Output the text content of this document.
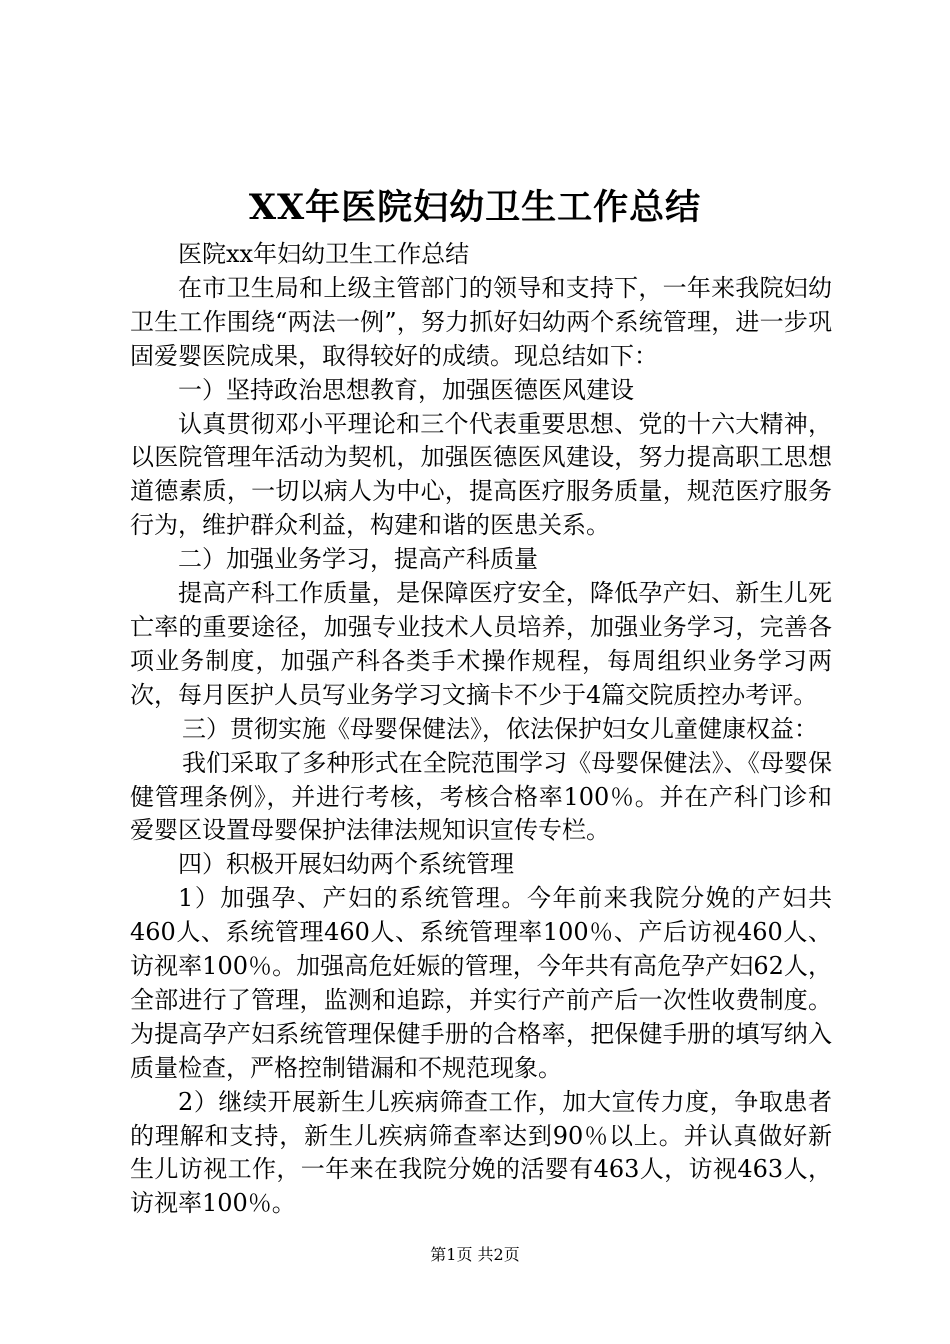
XX年医院妇幼卫生工作总结

医院xx年妇幼卫生工作总结

在市卫生局和上级主管部门的领导和支持下，一年来我院妇幼卫生工作围绕“两法一例”，努力抓好妇幼两个系统管理，进一步巩固爱婴医院成果，取得较好的成绩。现总结如下：

一）坚持政治思想教育，加强医德医风建设

认真贯彻邓小平理论和三个代表重要思想、党的十六大精神，以医院管理年活动为契机，加强医德医风建设，努力提高职工思想道德素质，一切以病人为中心，提高医疗服务质量，规范医疗服务行为，维护群众利益，构建和谐的医患关系。

二）加强业务学习，提高产科质量

提高产科工作质量，是保障医疗安全，降低孕产妇、新生儿死亡率的重要途径，加强专业技术人员培养，加强业务学习，完善各项业务制度，加强产科各类手术操作规程，每周组织业务学习两次，每月医护人员写业务学习文摘卡不少于4篇交院质控办考评。

三）贯彻实施《母婴保健法》，依法保护妇女儿童健康权益：

我们采取了多种形式在全院范围学习《母婴保健法》、《母婴保健管理条例》，并进行考核，考核合格率100％。并在产科门诊和爱婴区设置母婴保护法律法规知识宣传专栏。

四）积极开展妇幼两个系统管理

1）加强孕、产妇的系统管理。今年前来我院分娩的产妇共460人、系统管理460人、系统管理率100％、产后访视460人、访视率100％。加强高危妊娠的管理，今年共有高危孕产妇62人，全部进行了管理，监测和追踪，并实行产前产后一次性收费制度。为提高孕产妇系统管理保健手册的合格率，把保健手册的填写纳入质量检查，严格控制错漏和不规范现象。

2）继续开展新生儿疾病筛查工作，加大宣传力度，争取患者的理解和支持，新生儿疾病筛查率达到90％以上。并认真做好新生儿访视工作，一年来在我院分娩的活婴有463人，访视463人，访视率100％。

第1页 共2页
